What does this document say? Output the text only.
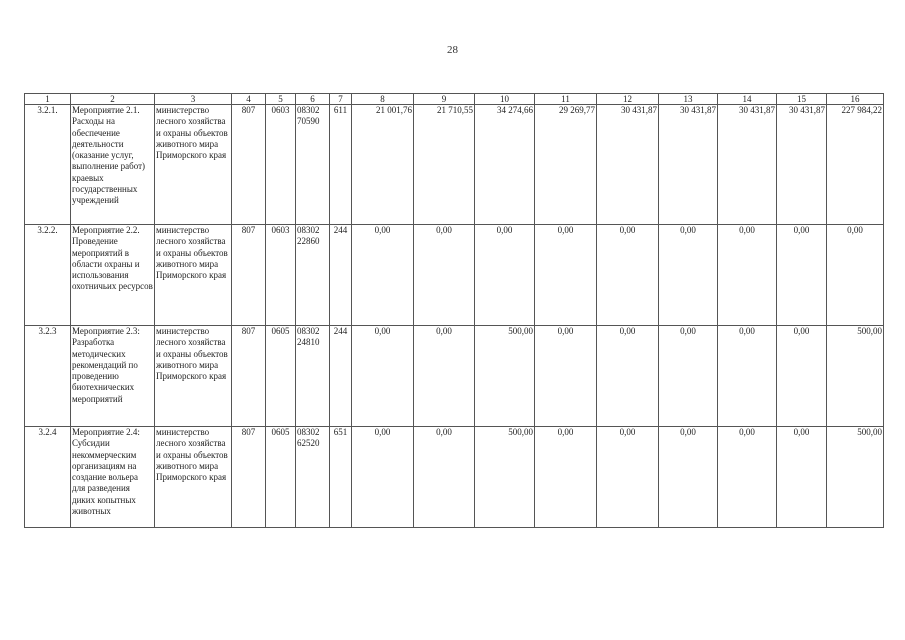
28
1	2	3	4	5	6	7	8	9	10	11	12	13	14	15	16
3.2.1.	Мероприятие 2.1. Расходы на обеспечение деятельности (оказание услуг, выполнение работ) краевых государственных учреждений	министерство лесного хозяйства и охраны объектов животного мира Приморского края	807	0603	08302 70590	611	21 001,76	21 710,55	34 274,66	29 269,77	30 431,87	30 431,87	30 431,87	30 431,87	227 984,22
3.2.2.	Мероприятие 2.2. Проведение мероприятий в области охраны и использования охотничьих ресурсов	министерство лесного хозяйства и охраны объектов животного мира Приморского края	807	0603	08302 22860	244	0,00	0,00	0,00	0,00	0,00	0,00	0,00	0,00	0,00
3.2.3	Мероприятие 2.3: Разработка методических рекомендаций по проведению биотехнических мероприятий	министерство лесного хозяйства и охраны объектов животного мира Приморского края	807	0605	08302 24810	244	0,00	0,00	500,00	0,00	0,00	0,00	0,00	0,00	500,00
3.2.4	Мероприятие 2.4: Субсидии некоммерческим организациям на создание вольера для разведения диких копытных животных	министерство лесного хозяйства и охраны объектов животного мира Приморского края	807	0605	08302 62520	651	0,00	0,00	500,00	0,00	0,00	0,00	0,00	0,00	500,00
